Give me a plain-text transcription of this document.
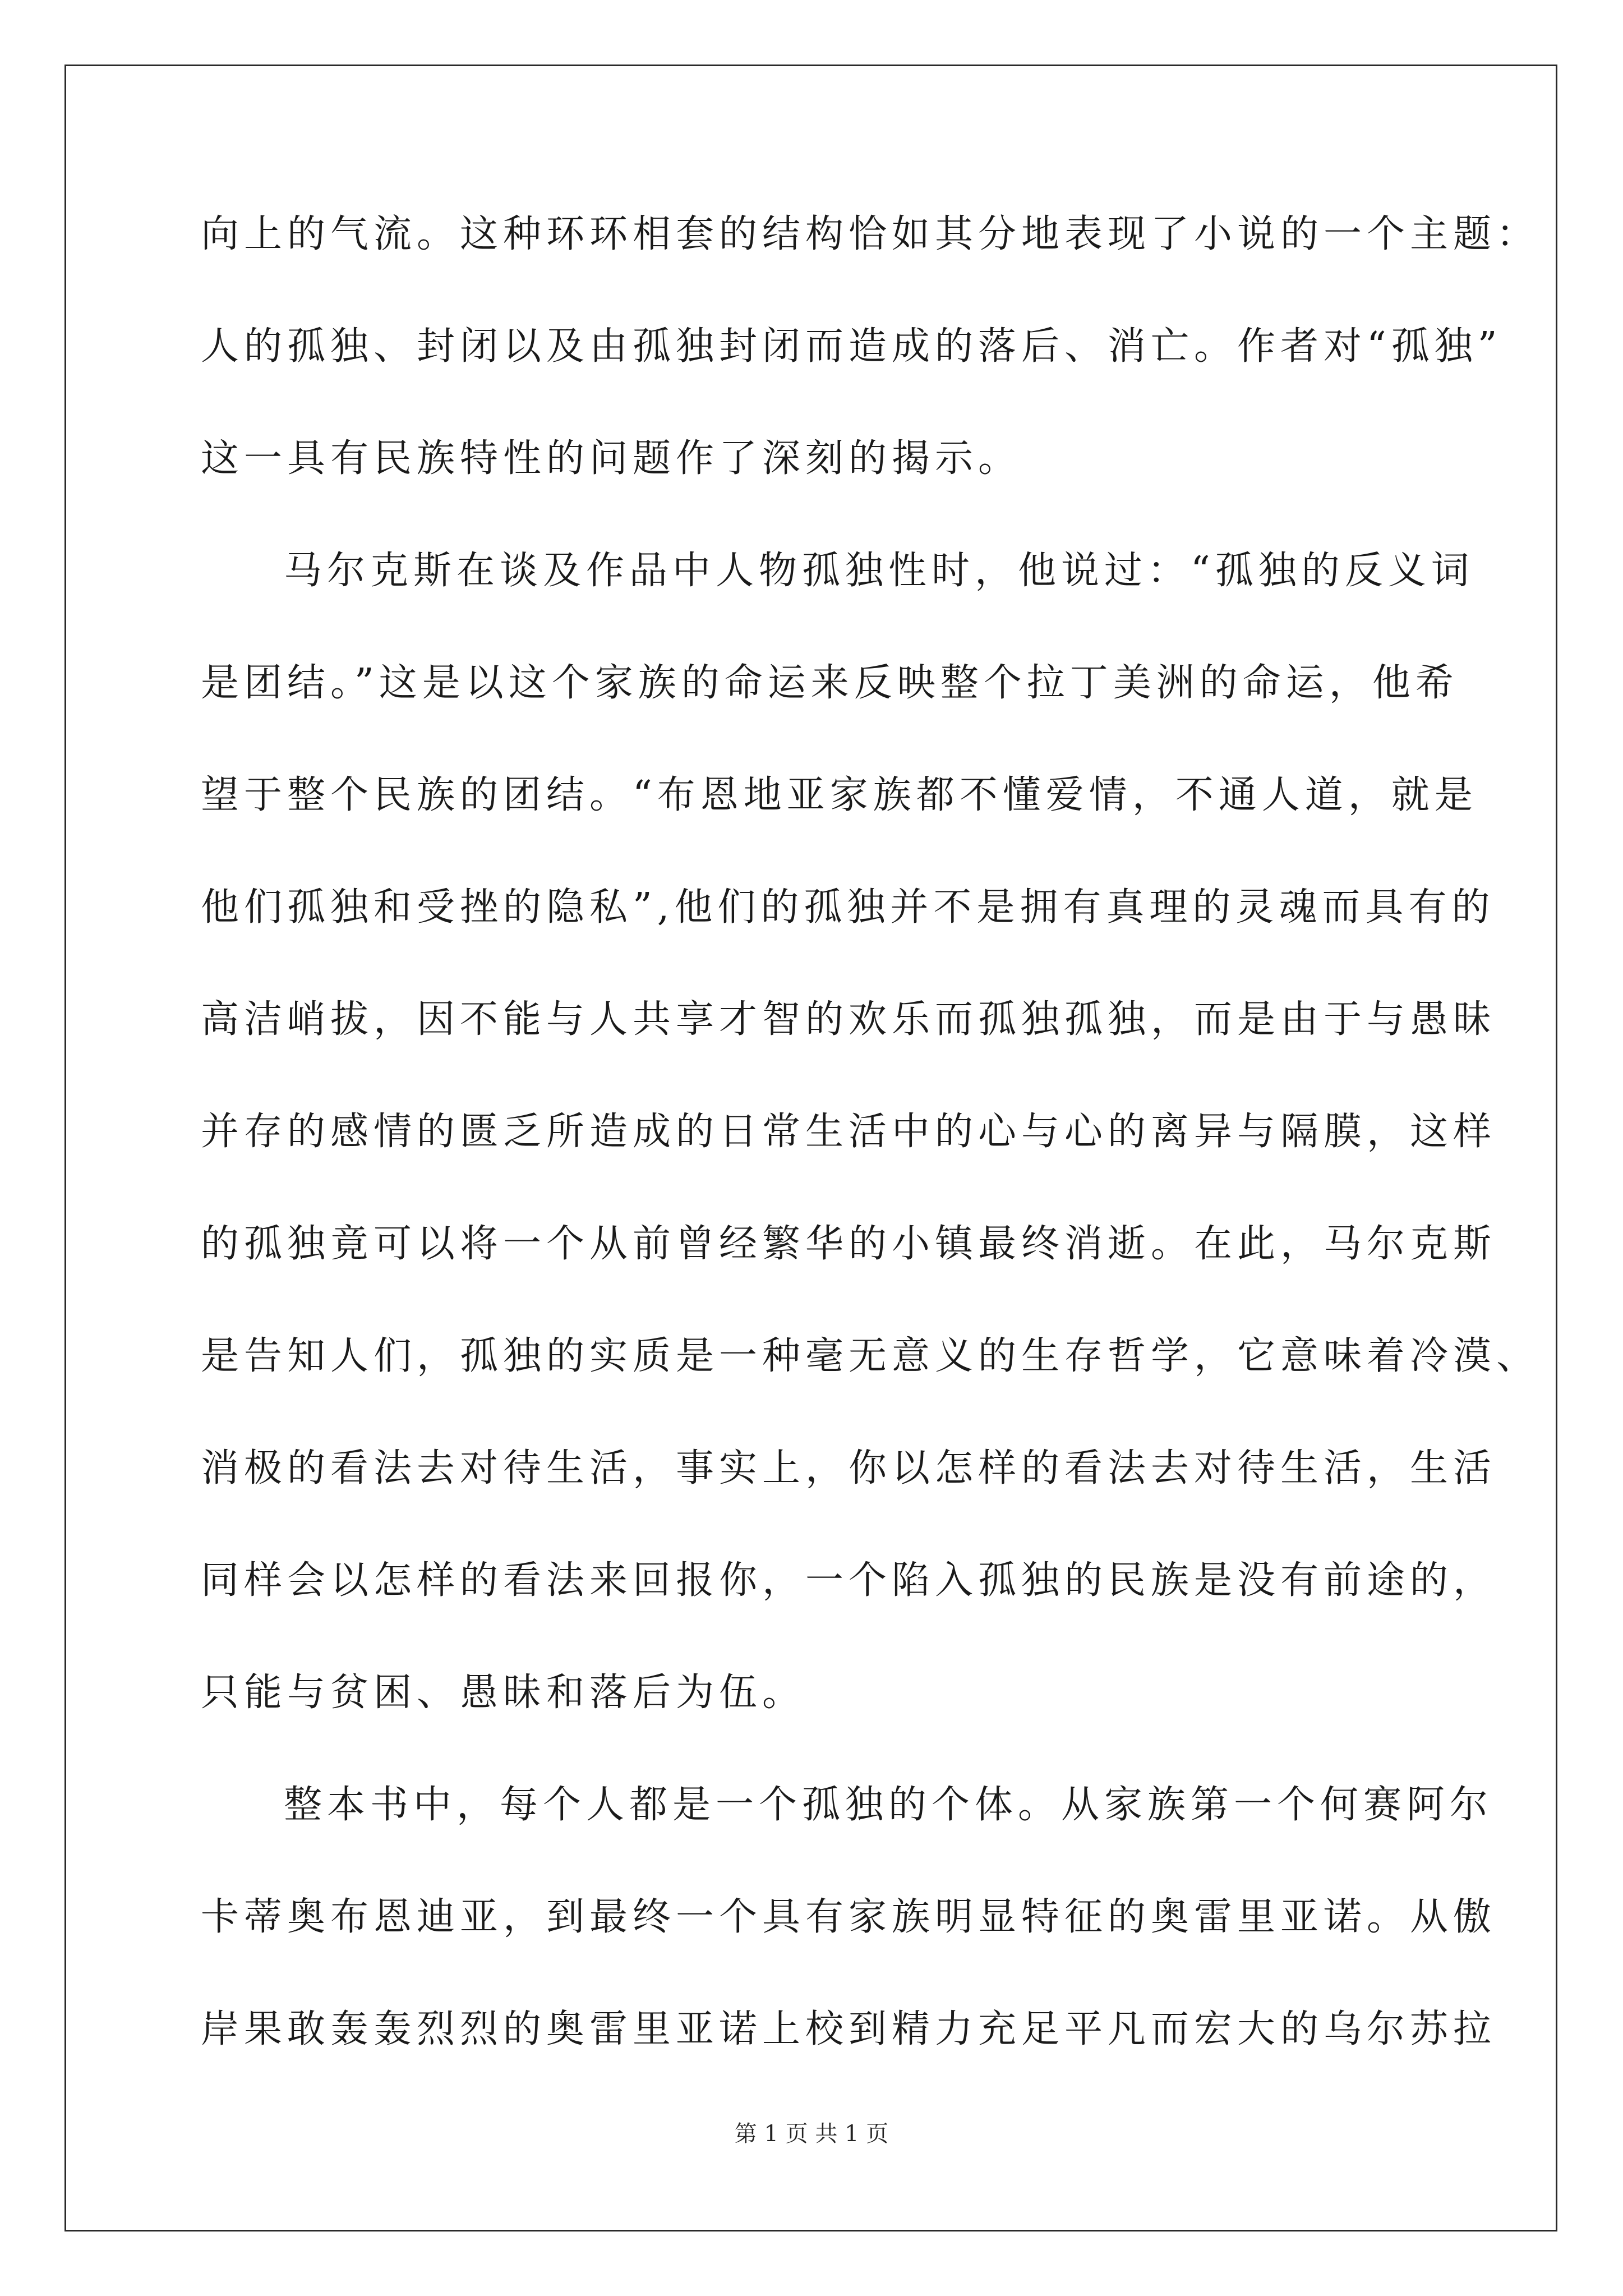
向上的气流。这种环环相套的结构恰如其分地表现了小说的一个主题：
人的孤独、封闭以及由孤独封闭而造成的落后、消亡。作者对“孤独”
这一具有民族特性的问题作了深刻的揭示。
马尔克斯在谈及作品中人物孤独性时，他说过：“孤独的反义词
是团结。”这是以这个家族的命运来反映整个拉丁美洲的命运，他希
望于整个民族的团结。“布恩地亚家族都不懂爱情，不通人道，就是
他们孤独和受挫的隐私”,他们的孤独并不是拥有真理的灵魂而具有的
高洁峭拔，因不能与人共享才智的欢乐而孤独孤独，而是由于与愚昧
并存的感情的匮乏所造成的日常生活中的心与心的离异与隔膜，这样
的孤独竟可以将一个从前曾经繁华的小镇最终消逝。在此，马尔克斯
是告知人们，孤独的实质是一种毫无意义的生存哲学，它意味着冷漠、
消极的看法去对待生活，事实上，你以怎样的看法去对待生活，生活
同样会以怎样的看法来回报你，一个陷入孤独的民族是没有前途的，
只能与贫困、愚昧和落后为伍。
整本书中，每个人都是一个孤独的个体。从家族第一个何赛阿尔
卡蒂奥布恩迪亚，到最终一个具有家族明显特征的奥雷里亚诺。从傲
岸果敢轰轰烈烈的奥雷里亚诺上校到精力充足平凡而宏大的乌尔苏拉
第 1 页 共 1 页
